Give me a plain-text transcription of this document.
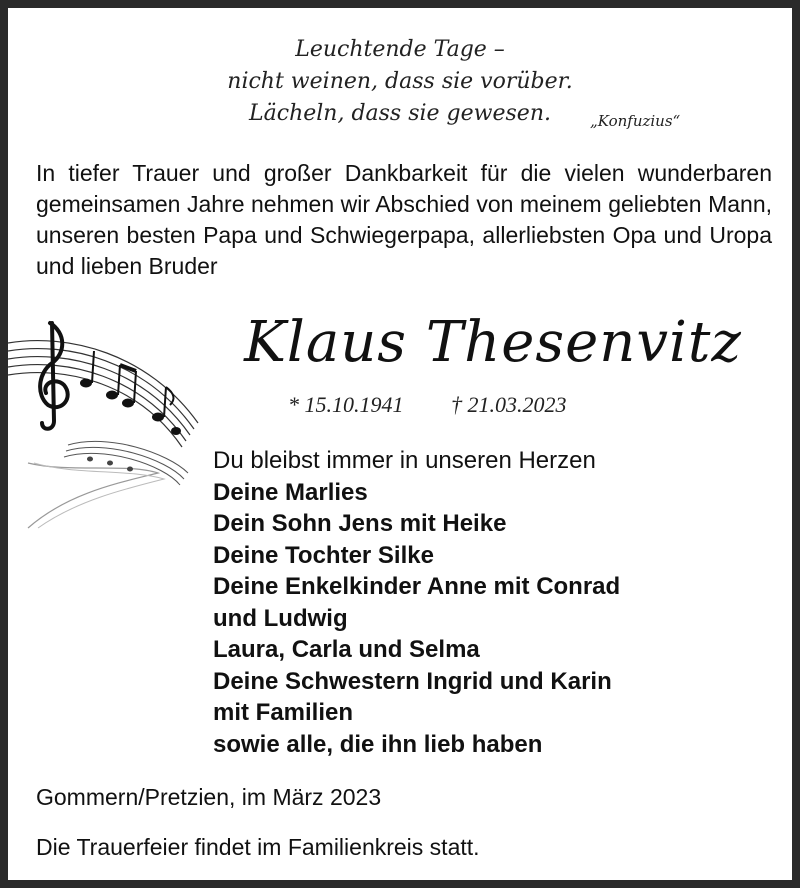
Leuchtende Tage –
nicht weinen, dass sie vorüber.
Lächeln, dass sie gewesen.	„Konfuzius“
In tiefer Trauer und großer Dankbarkeit für die vielen wunderbaren gemeinsamen Jahre nehmen wir Abschied von meinem geliebten Mann, unseren besten Papa und Schwiegerpapa, allerliebsten Opa und Uropa und lieben Bruder
Klaus Thesenvitz
* 15.10.1941 † 21.03.2023
Du bleibst immer in unseren Herzen
Deine Marlies
Dein Sohn Jens mit Heike
Deine Tochter Silke
Deine Enkelkinder Anne mit Conrad
und Ludwig
Laura, Carla und Selma
Deine Schwestern Ingrid und Karin
mit Familien
sowie alle, die ihn lieb haben
Gommern/Pretzien, im März 2023
Die Trauerfeier findet im Familienkreis statt.
